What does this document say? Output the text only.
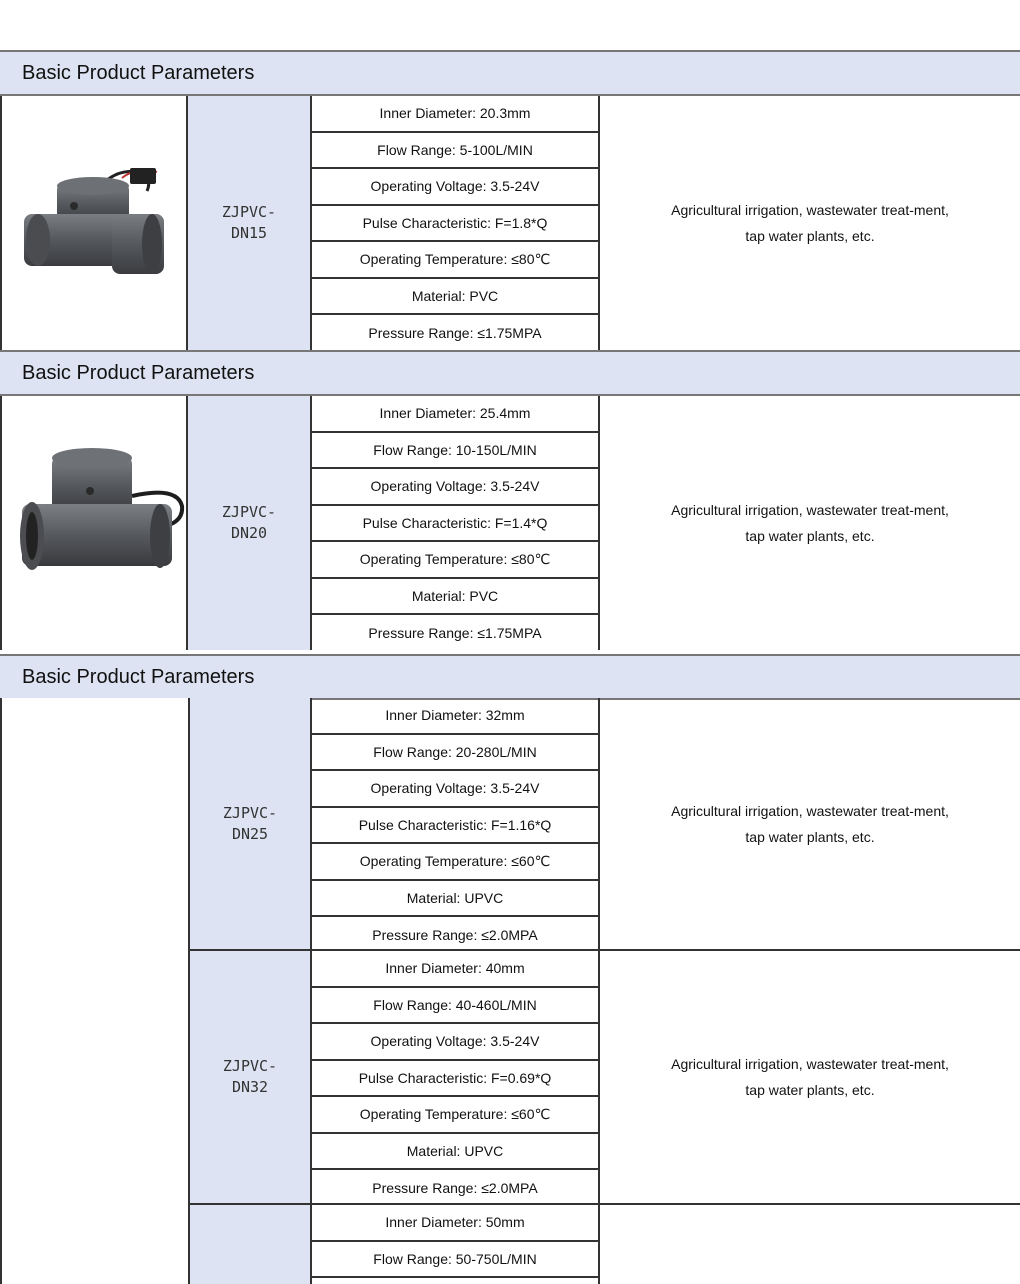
Basic Product Parameters
ZJPVC-
DN15
Inner Diameter: 20.3mm
Flow Range: 5-100L/MIN
Operating Voltage: 3.5-24V
Pulse Characteristic: F=1.8*Q
Operating Temperature: ≤80℃
Material: PVC
Pressure Range: ≤1.75MPA
Agricultural irrigation, wastewater treat-ment, tap water plants, etc.
Basic Product Parameters
ZJPVC-
DN20
Inner Diameter: 25.4mm
Flow Range: 10-150L/MIN
Operating Voltage: 3.5-24V
Pulse Characteristic: F=1.4*Q
Operating Temperature: ≤80℃
Material: PVC
Pressure Range: ≤1.75MPA
Agricultural irrigation, wastewater treat-ment, tap water plants, etc.
Basic Product Parameters
ZJPVC-
DN25
Inner Diameter: 32mm
Flow Range: 20-280L/MIN
Operating Voltage: 3.5-24V
Pulse Characteristic: F=1.16*Q
Operating Temperature: ≤60℃
Material: UPVC
Pressure Range: ≤2.0MPA
Agricultural irrigation, wastewater treat-ment, tap water plants, etc.
ZJPVC-
DN32
Inner Diameter: 40mm
Flow Range: 40-460L/MIN
Operating Voltage: 3.5-24V
Pulse Characteristic: F=0.69*Q
Operating Temperature: ≤60℃
Material: UPVC
Pressure Range: ≤2.0MPA
Agricultural irrigation, wastewater treat-ment, tap water plants, etc.
Inner Diameter: 50mm
Flow Range: 50-750L/MIN
